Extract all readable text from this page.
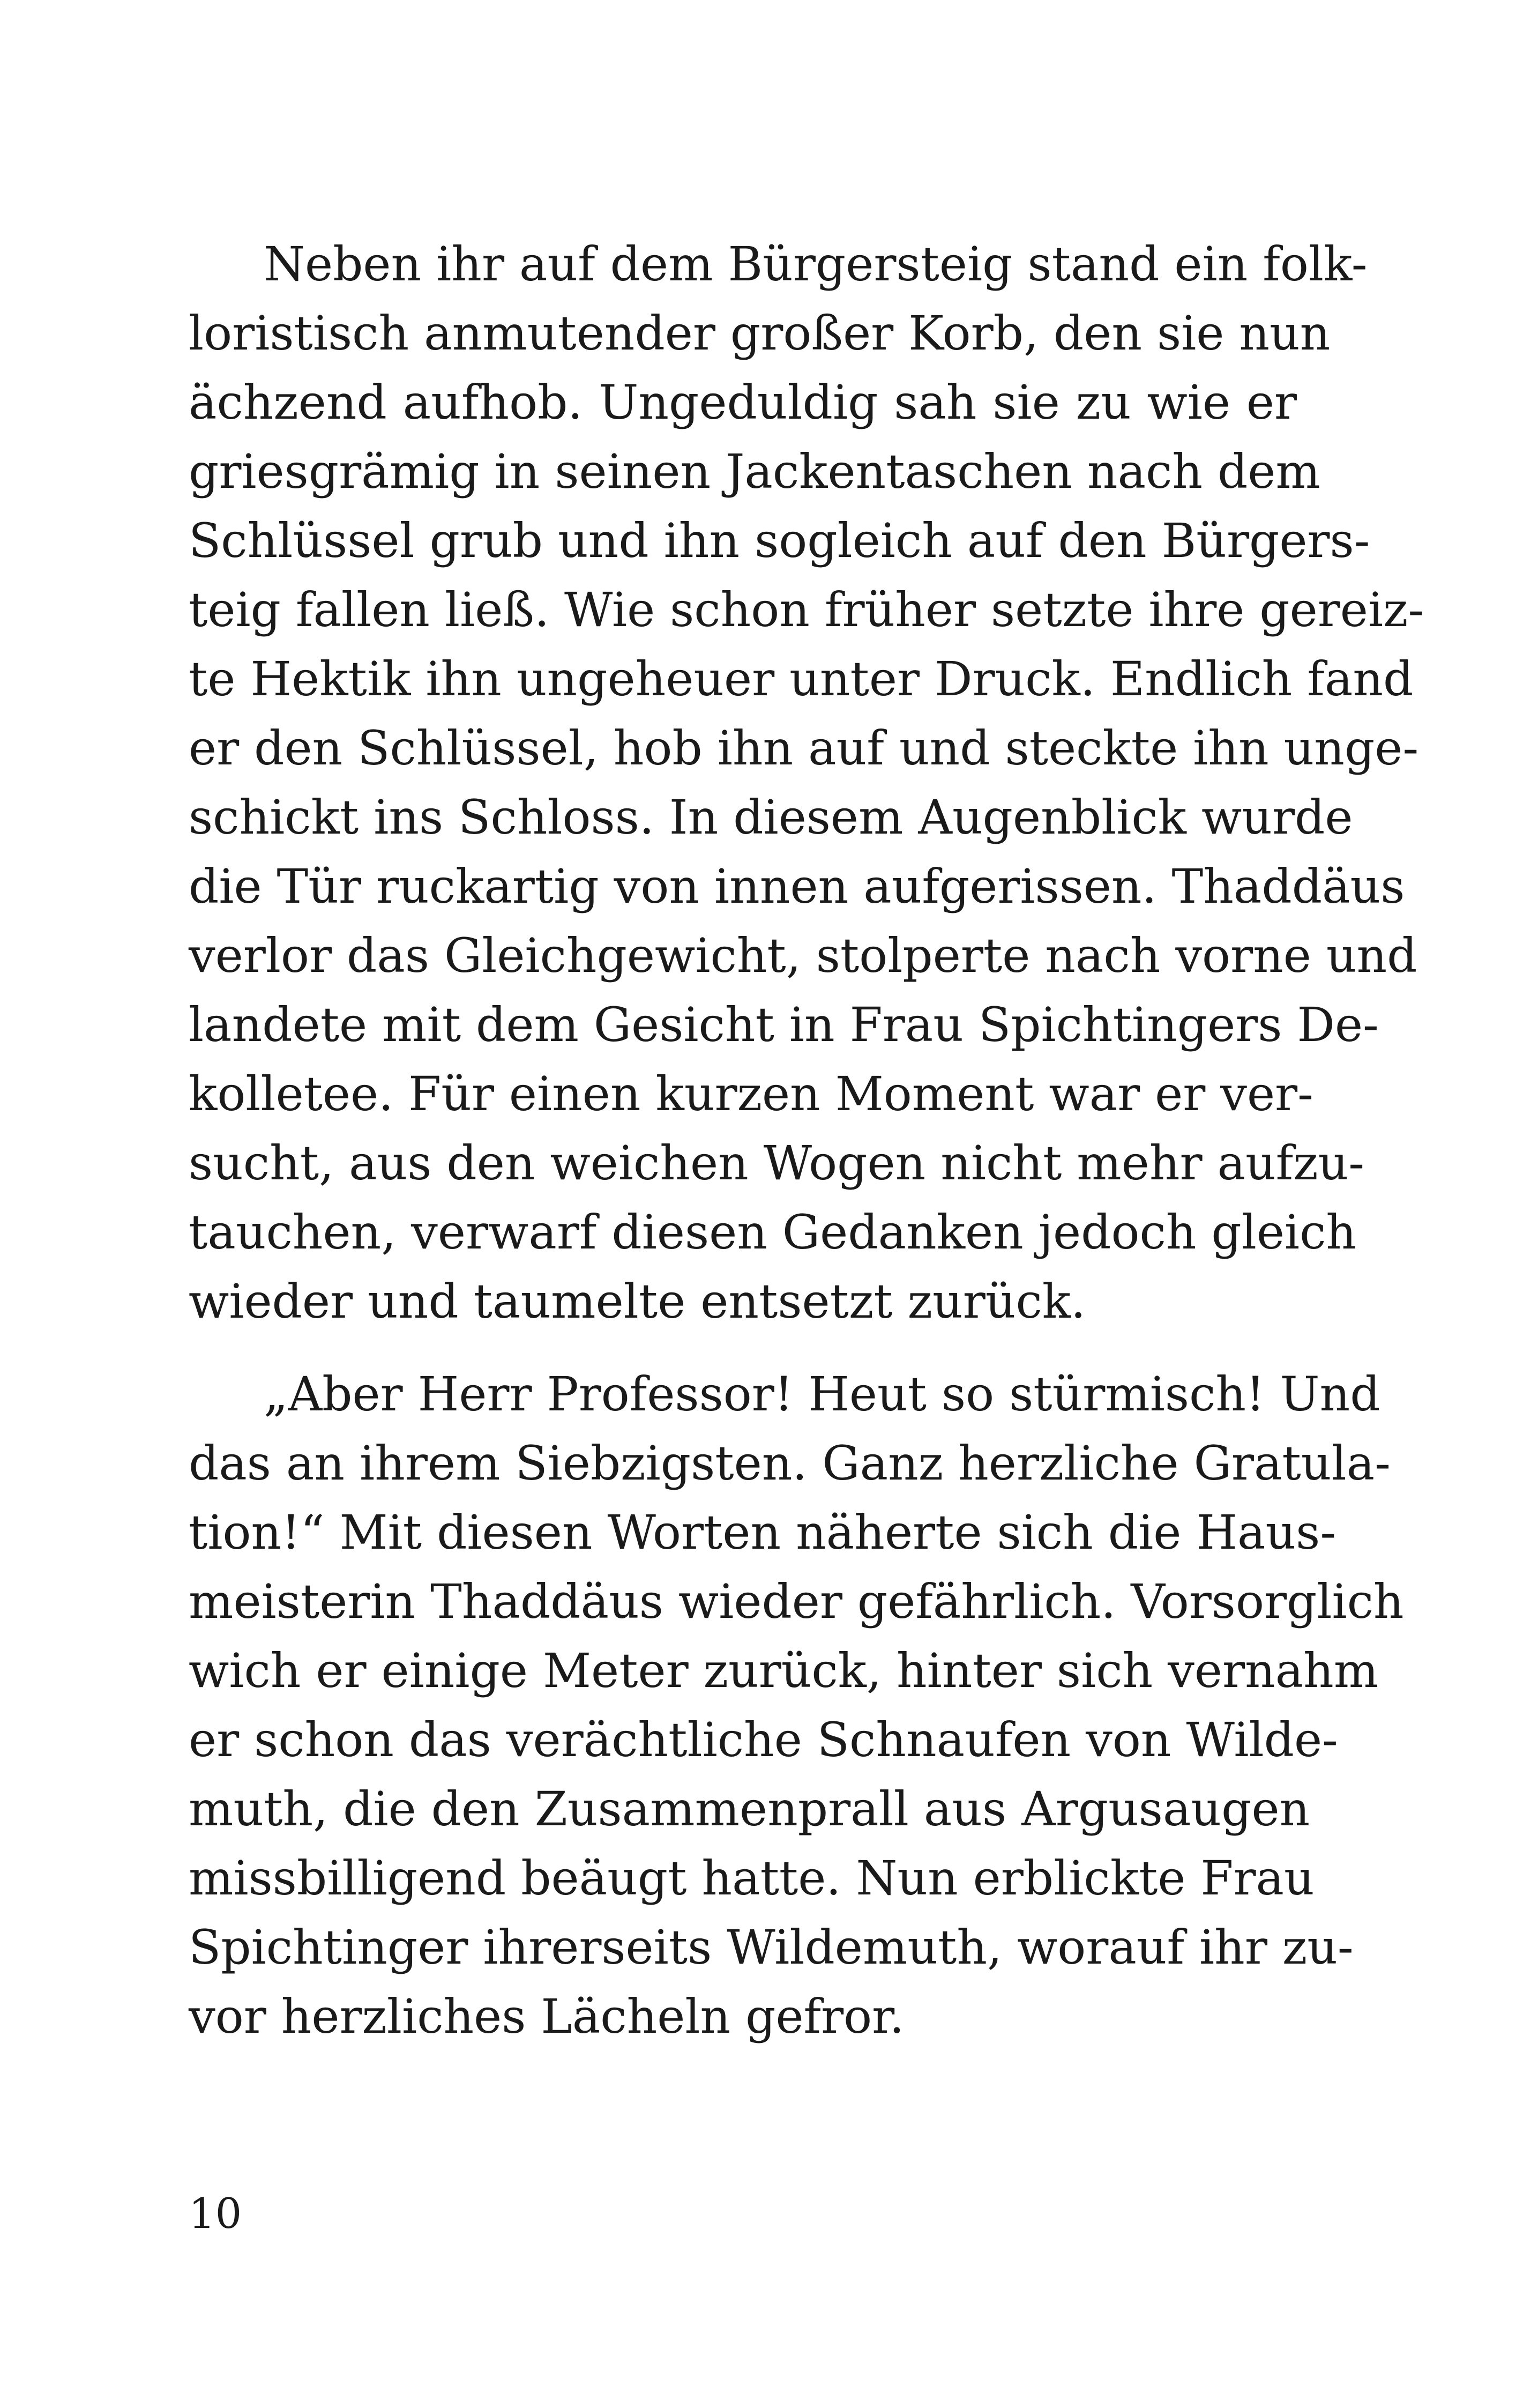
Neben ihr auf dem Bürgersteig stand ein folk-
loristisch anmutender großer Korb, den sie nun
ächzend aufhob. Ungeduldig sah sie zu wie er
griesgrämig in seinen Jackentaschen nach dem
Schlüssel grub und ihn sogleich auf den Bürgers-
teig fallen ließ. Wie schon früher setzte ihre gereiz-
te Hektik ihn ungeheuer unter Druck. Endlich fand
er den Schlüssel, hob ihn auf und steckte ihn unge-
schickt ins Schloss. In diesem Augenblick wurde
die Tür ruckartig von innen aufgerissen. Thaddäus
verlor das Gleichgewicht, stolperte nach vorne und
landete mit dem Gesicht in Frau Spichtingers De-
kolletee. Für einen kurzen Moment war er ver-
sucht, aus den weichen Wogen nicht mehr aufzu-
tauchen, verwarf diesen Gedanken jedoch gleich
wieder und taumelte entsetzt zurück.
„Aber Herr Professor! Heut so stürmisch! Und
das an ihrem Siebzigsten. Ganz herzliche Gratula-
tion!“ Mit diesen Worten näherte sich die Haus-
meisterin Thaddäus wieder gefährlich. Vorsorglich
wich er einige Meter zurück, hinter sich vernahm
er schon das verächtliche Schnaufen von Wilde-
muth, die den Zusammenprall aus Argusaugen
missbilligend beäugt hatte. Nun erblickte Frau
Spichtinger ihrerseits Wildemuth, worauf ihr zu-
vor herzliches Lächeln gefror.
10
